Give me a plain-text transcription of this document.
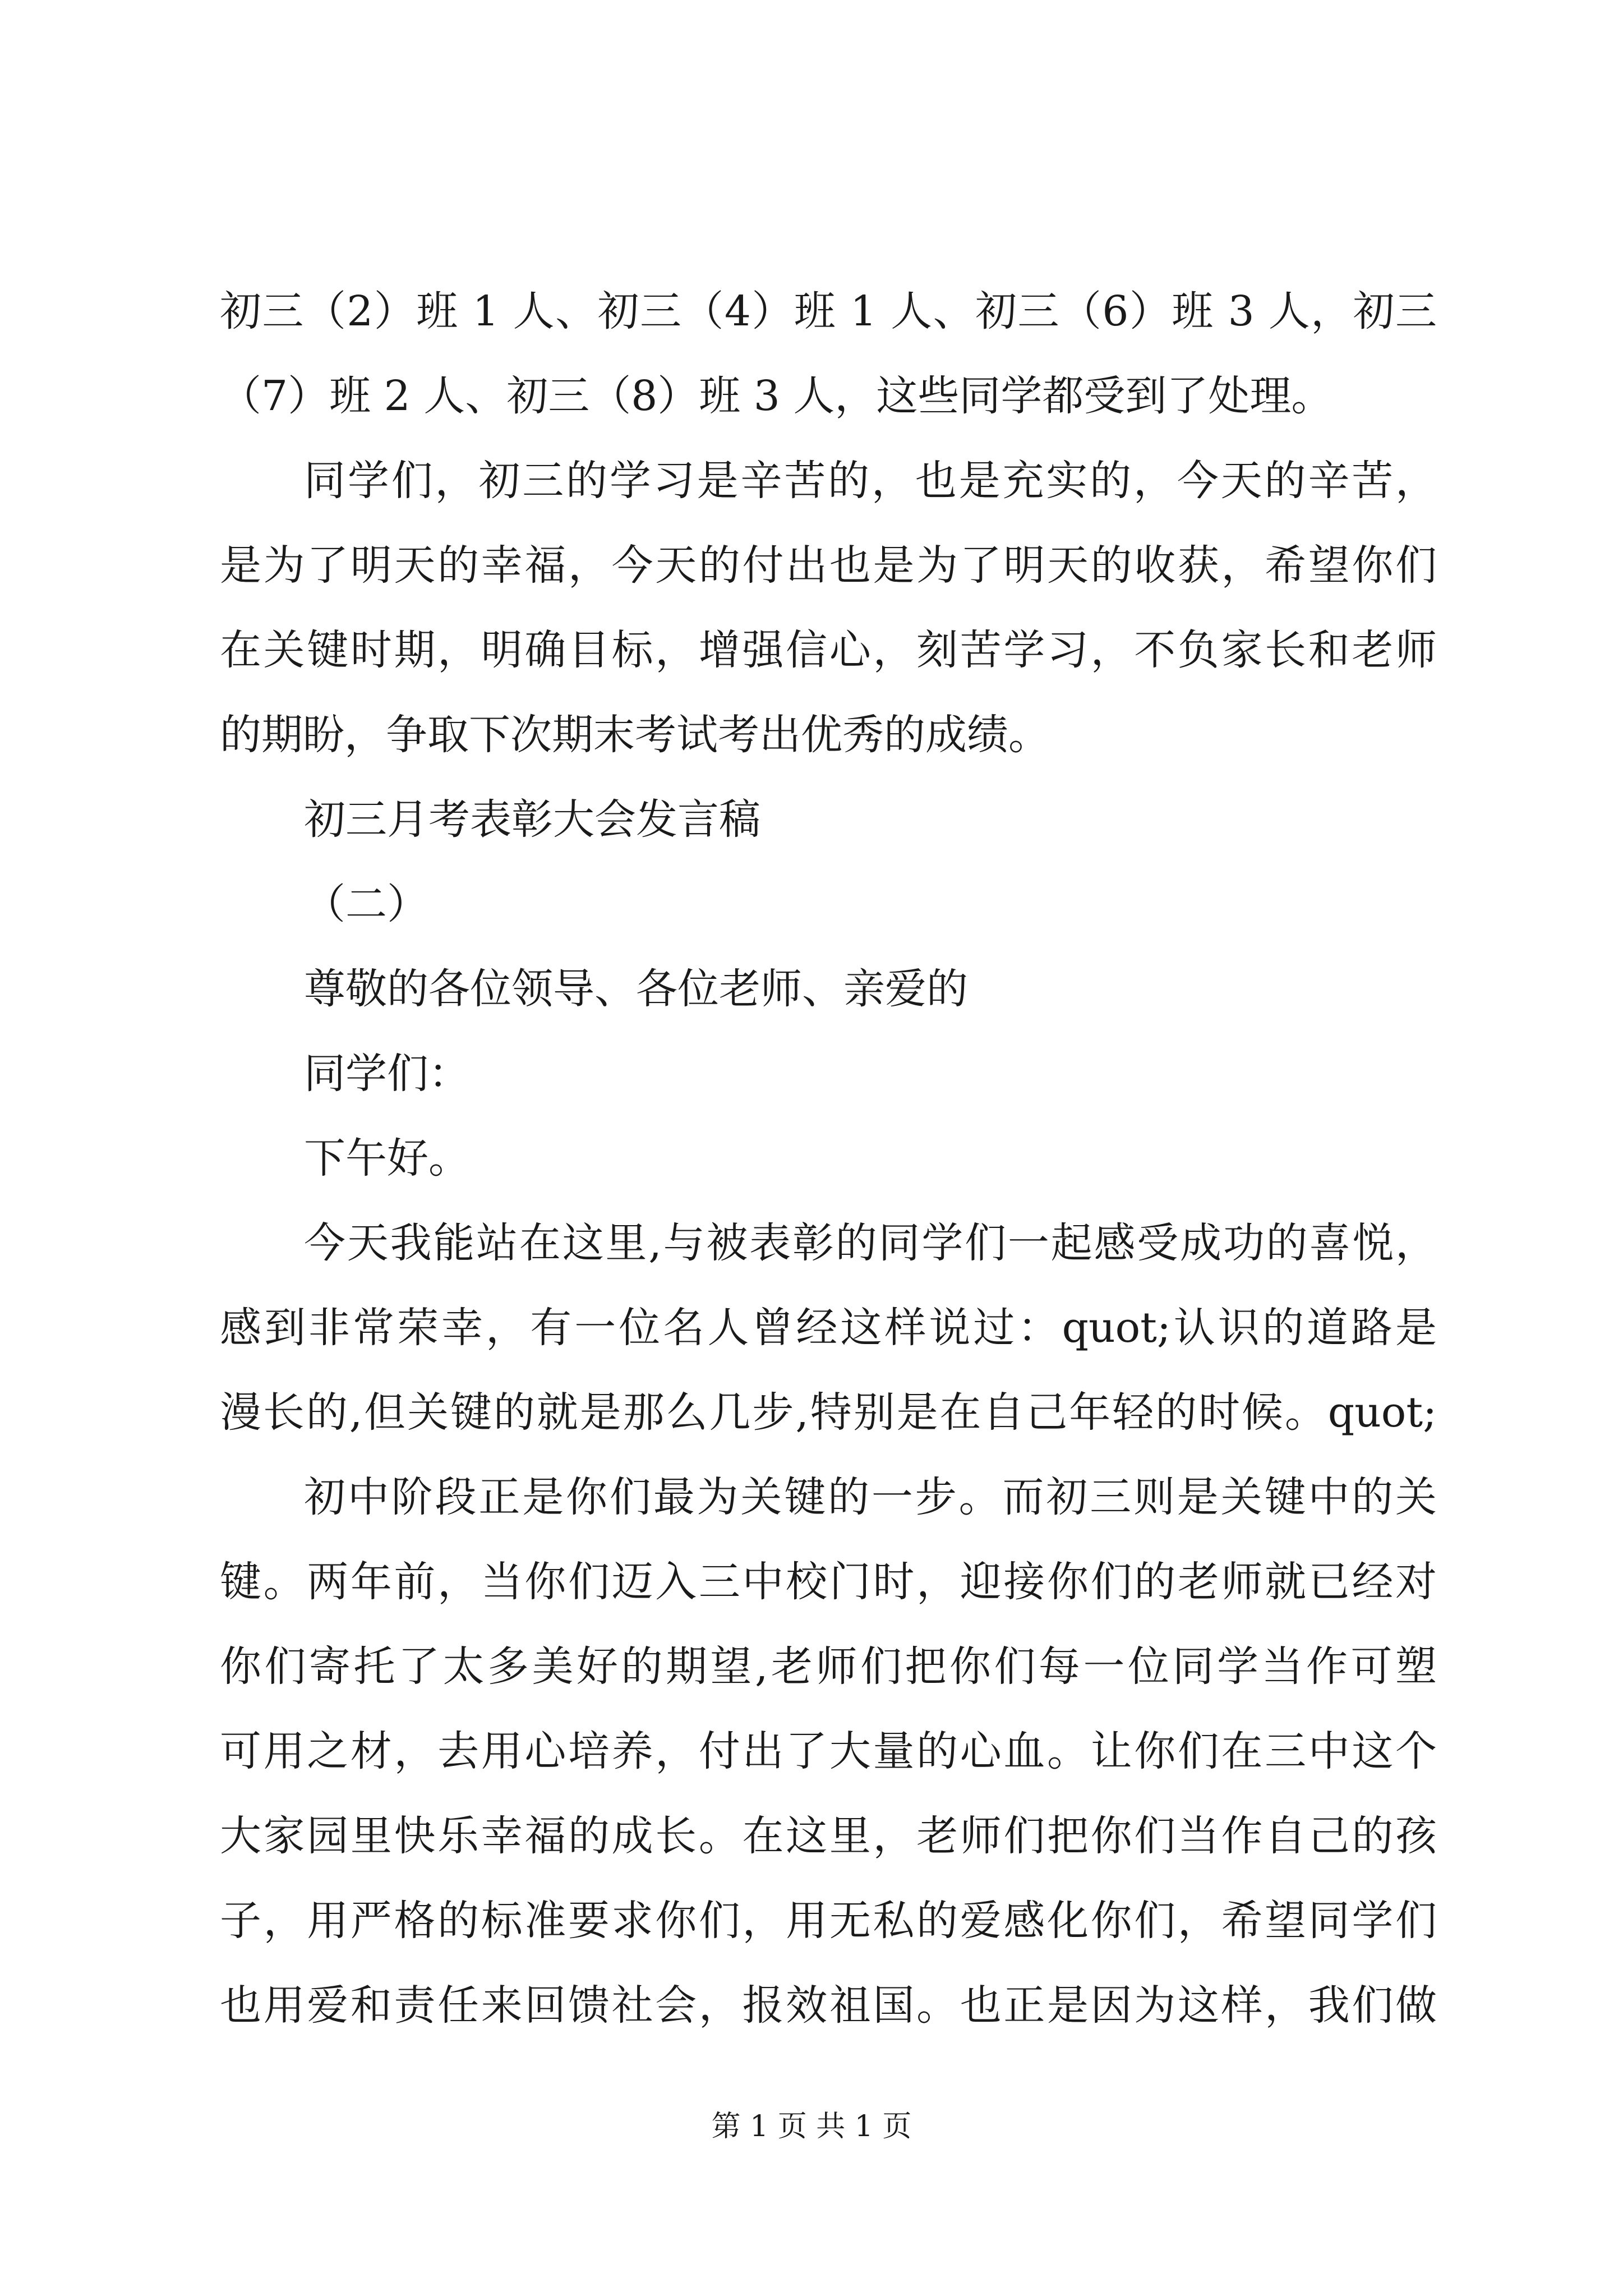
初三（2）班 1 人、初三（4）班 1 人、初三（6）班 3 人，初三
（7）班 2 人、初三（8）班 3 人，这些同学都受到了处理。
同学们，初三的学习是辛苦的，也是充实的，今天的辛苦，
是为了明天的幸福，今天的付出也是为了明天的收获，希望你们
在关键时期，明确目标，增强信心，刻苦学习，不负家长和老师
的期盼，争取下次期末考试考出优秀的成绩。
初三月考表彰大会发言稿
（二）
尊敬的各位领导、各位老师、亲爱的
同学们：
下午好。
今天我能站在这里,与被表彰的同学们一起感受成功的喜悦，
感到非常荣幸，有一位名人曾经这样说过：quot;认识的道路是
漫长的,但关键的就是那么几步,特别是在自己年轻的时候。quot;
初中阶段正是你们最为关键的一步。而初三则是关键中的关
键。两年前，当你们迈入三中校门时，迎接你们的老师就已经对
你们寄托了太多美好的期望,老师们把你们每一位同学当作可塑
可用之材，去用心培养，付出了大量的心血。让你们在三中这个
大家园里快乐幸福的成长。在这里，老师们把你们当作自己的孩
子，用严格的标准要求你们，用无私的爱感化你们，希望同学们
也用爱和责任来回馈社会，报效祖国。也正是因为这样，我们做
第 1 页 共 1 页
